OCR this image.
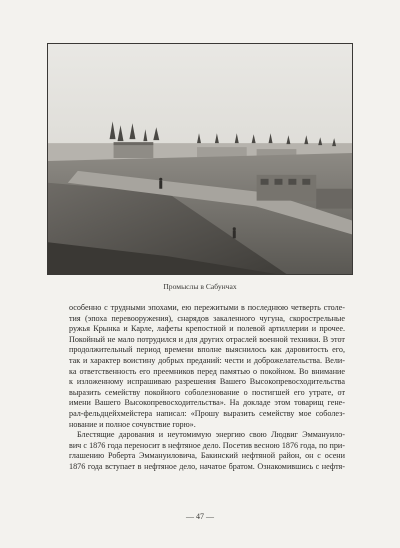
Промыслы в Сабунчах
особенно с трудными эпохами, ею пережитыми в последнюю четверть столе-
тия (эпоха перевооружения), снарядов закаленного чугуна, скорострельные
ружья Крынка и Карле, лафеты крепостной и полевой артиллерии и прочее.
Покойный не мало потрудился и для других отраслей военной техники. В этот
продолжительный период времени вполне выяснилось как даровитость его,
так и характер воистину добрых преданий: чести и доброжелательства. Вели-
ка ответственность его преемников перед памятью о покойном. Во внимание
к изложенному испрашиваю разрешения Вашего Высокопревосходительства
выразить семейству покойного соболезнование о постигшей его утрате, от
имени Вашего Высокопревосходительства». На докладе этом товарищ гене-
рал-фельдцейхмейстера написал: «Прошу выразить семейству мое соболез-
нование и полное сочувствие горю».
Блестящие дарования и неутомимую энергию свою Людвиг Эммануило-
вич с 1876 года переносит в нефтяное дело. Посетив весною 1876 года, по при-
глашению Роберта Эммануиловича, Бакинский нефтяной район, он с осени
1876 года вступает в нефтяное дело, начатое братом. Ознакомившись с нефтя-
— 47 —
